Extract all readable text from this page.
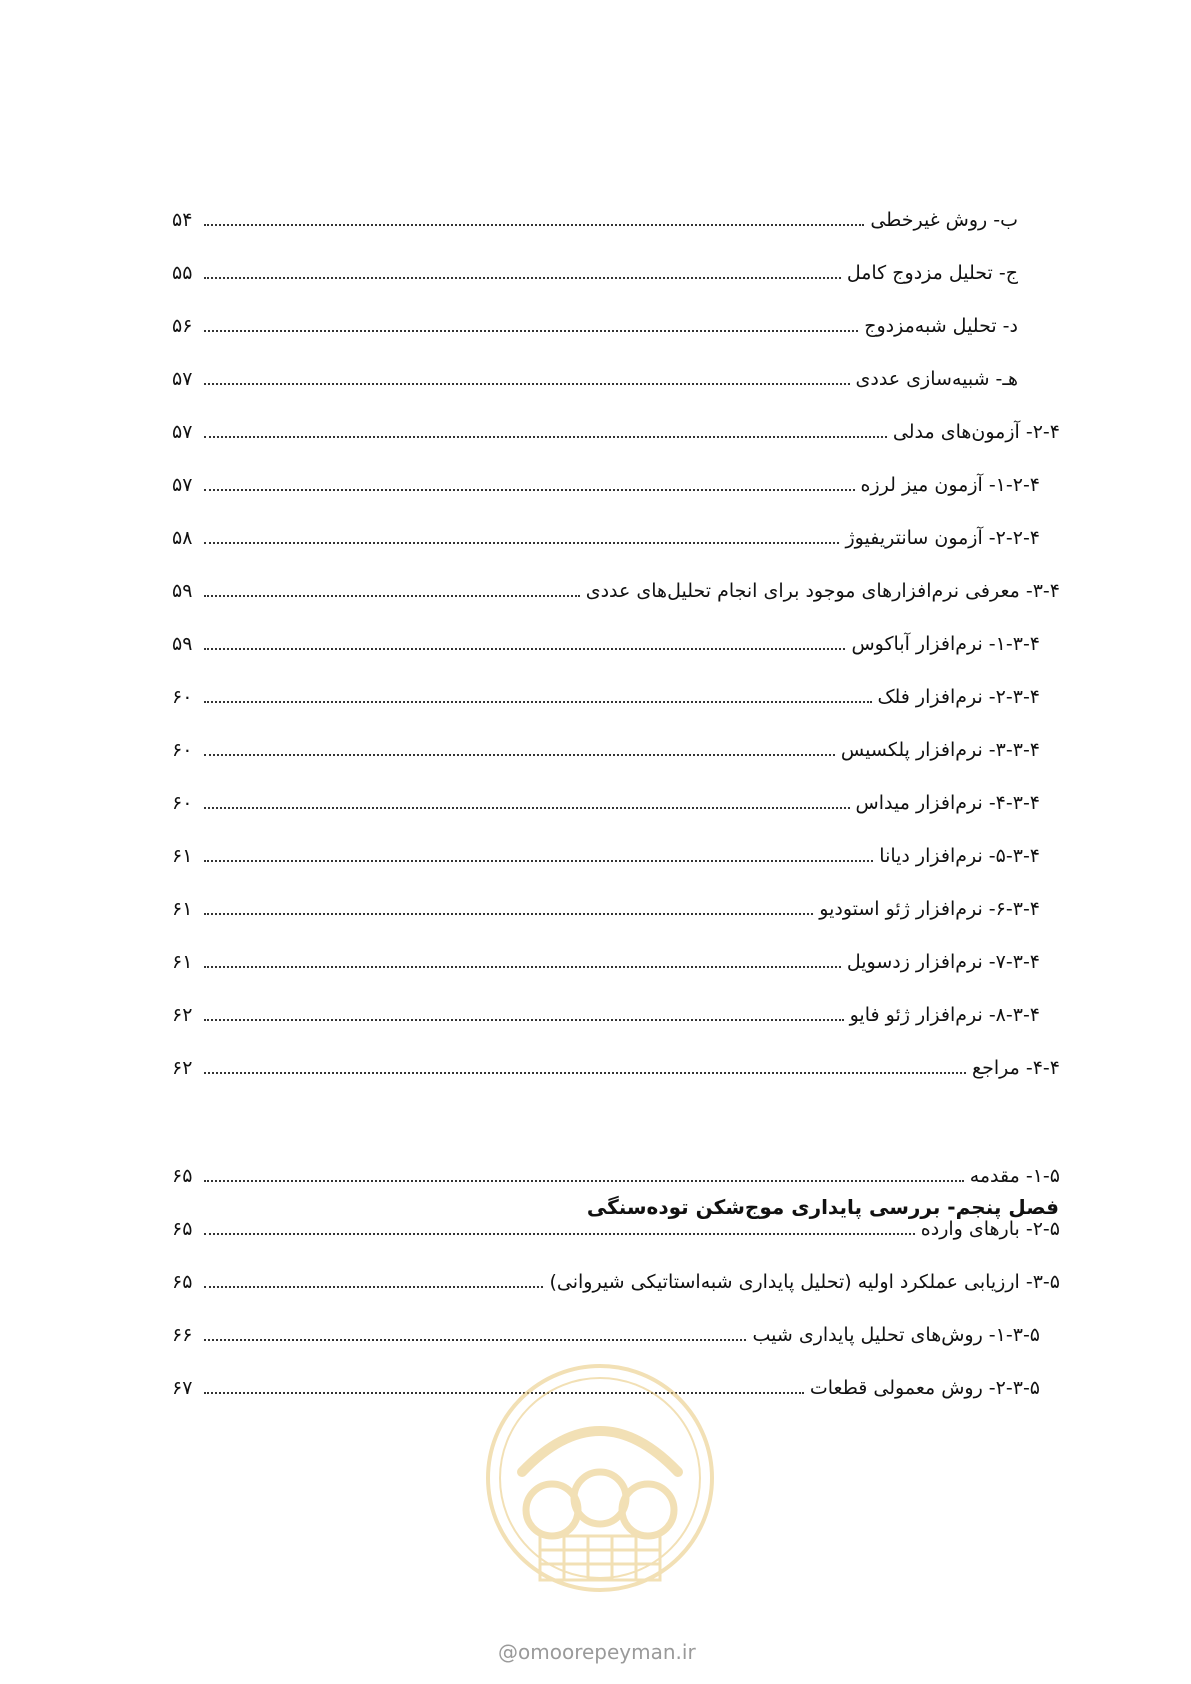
۵۴	ب- روش غیرخطی
۵۵	ج- تحلیل مزدوج کامل
۵۶	د- تحلیل شبه‌مزدوج
۵۷	هـ- شبیه‌سازی عددی
۵۷	۲-۴- آزمون‌های مدلی
۵۷	۱-۲-۴- آزمون میز لرزه
۵۸	۲-۲-۴- آزمون سانتریفیوژ
۵۹	۳-۴- معرفی نرم‌افزارهای موجود برای انجام تحلیل‌های عددی
۵۹	۱-۳-۴- نرم‌افزار آباکوس
۶۰	۲-۳-۴- نرم‌افزار فلک
۶۰	۳-۳-۴- نرم‌افزار پلکسیس
۶۰	۴-۳-۴- نرم‌افزار میداس
۶۱	۵-۳-۴- نرم‌افزار دیانا
۶۱	۶-۳-۴- نرم‌افزار ژئو استودیو
۶۱	۷-۳-۴- نرم‌افزار زدسویل
۶۲	۸-۳-۴- نرم‌افزار ژئو فایو
۶۲	۴-۴- مراجع
فصل پنجم- بررسی پایداری موج‌شکن توده‌سنگی
۶۵	۱-۵- مقدمه
۶۵	۲-۵- بارهای وارده
۶۵	۳-۵- ارزیابی عملکرد اولیه (تحلیل پایداری شبه‌استاتیکی شیروانی)
۶۶	۱-۳-۵- روش‌های تحلیل پایداری شیب
۶۷	۲-۳-۵- روش معمولی قطعات
@omoorepeyman.ir
